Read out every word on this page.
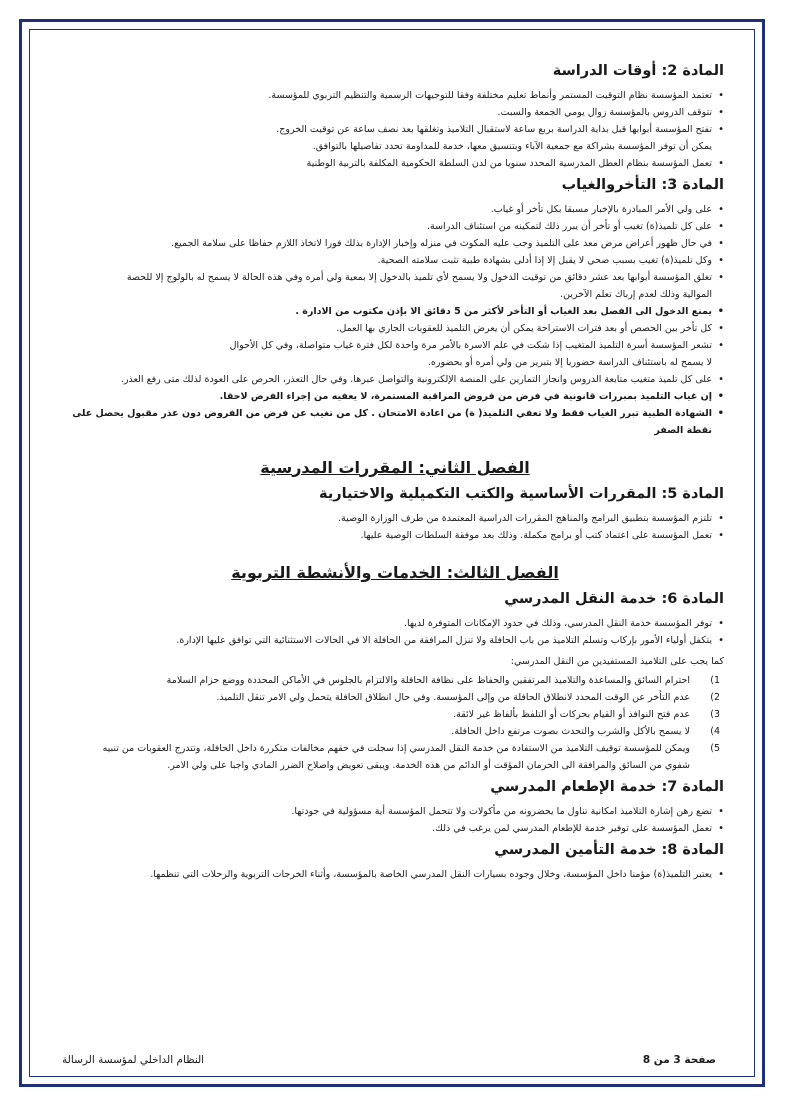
المادة 2: أوقات الدراسة
• تعتمد المؤسسة نظام التوقيت المستمر وأنماط تعليم مختلفة وفقا للتوجيهات الرسمية والتنظيم التربوي للمؤسسة.
• تتوقف الدروس بالمؤسسة زوال يومي الجمعة والسبت.
• تفتح المؤسسة أبوابها قبل بداية الدراسة بربع ساعة لاستقبال التلاميذ وتغلقها بعد نصف ساعة عن توقيت الخروج.
يمكن أن توفر المؤسسة بشراكة مع جمعية الآباء وبتنسيق معها، خدمة للمداومة تحدد تفاصيلها بالتوافق.
• تعمل المؤسسة بنظام العطل المدرسية المحدد سنويا من لدن السلطة الحكومية المكلفة بالتربية الوطنية
المادة 3: التأخروالغياب
• على ولي الأمر المبادرة بالإخبار مسبقا بكل تأخر أو غياب.
• على كل تلميذ(ة) تغيب أو تأخر أن يبرر ذلك لتمكينه من استئناف الدراسة.
• في حال ظهور أعراض مرض معد على التلميذ وجب عليه المكوث في منزله وإخبار الإدارة بذلك فورا لاتخاذ اللازم حفاظا على سلامة الجميع.
• وكل تلميذ(ة) تغيب بسبب صحي لا يقبل إلا إذا أدلى بشهادة طبية تثبت سلامته الصحية.
• تغلق المؤسسة أبوابها بعد عشر دقائق من توقيت الدخول ولا يسمح لأي تلميذ بالدخول إلا بمعية ولي أمره وفي هذه الحالة لا يسمح له بالولوج إلا للحصة
الموالية وذلك لعدم إرباك تعلم الآخرين.
• يمنع الدخول الى الفصل بعد الغياب أو التأخر لأكثر من 5 دقائق الا بإذن مكتوب من الادارة .
• كل تأخر بين الحصص أو بعد فترات الاستراحة يمكن أن يعرض التلميذ للعقوبات الجاري بها العمل.
• تشعر المؤسسة أسرة التلميذ المتغيب إذا شكت في علم الاسرة بالأمر مرة واحدة لكل فترة غياب متواصلة، وفي كل الأحوال
لا يسمح له باستئناف الدراسة حضوريا إلا بتبرير من ولي أمره أو بحضوره.
• على كل تلميذ متغيب متابعة الدروس وانجاز التمارين على المنصة الإلكترونية والتواصل عبرها. وفي حال التعذر، الحرص على العودة لذلك متى رفع العذر.
• إن غياب التلميذ بمبررات قانونية في فرض من فروض المراقبة المستمرة، لا يعفيه من إجراء الفرض لاحقا.
• الشهادة الطبية تبرر الغياب فقط ولا تعفي التلميذ( ة) من اعادة الامتحان . كل من تغيب عن فرض من الفروض دون عذر مقبول يحصل على نقطة الصفر
الفصل الثاني: المقررات المدرسية
المادة 5: المقررات الأساسية والكتب التكميلية والاختيارية
• تلتزم المؤسسة بتطبيق البرامج والمناهج المقررات الدراسية المعتمدة من طرف الوزارة الوصية.
• تعمل المؤسسة على اعتماد كتب أو برامج مكملة. وذلك بعد موفقة السلطات الوصية عليها.
الفصل الثالث: الخدمات والأنشطة التربوية
المادة 6: خدمة النقل المدرسي
• توفر المؤسسة خدمة النقل المدرسي، وذلك في حدود الإمكانات المتوفرة لديها.
• يتكفل أولياء الأمور بإركاب وتسلم التلاميذ من باب الحافلة ولا تنزل المرافقة من الحافلة الا في الحالات الاستثنائية التي توافق عليها الإدارة.
كما يجب على التلاميذ المستفيدين من النقل المدرسي:
1)
احترام السائق والمساعدة والتلاميذ المرتفقين والحفاظ على نظافة الحافلة والالتزام بالجلوس في الأماكن المحددة ووضع حزام السلامة
2)
عدم التأخر عن الوقت المحدد لانطلاق الحافلة من وإلى المؤسسة. وفي حال انطلاق الحافلة يتحمل ولي الامر تنقل التلميذ.
3)
عدم فتح النوافذ أو القيام بحركات أو التلفظ بألفاظ غير لائقة.
4)
لا يسمح بالأكل والشرب والتحدث بصوت مرتفع داخل الحافلة.
5)
ويمكن للمؤسسة توقيف التلاميذ من الاستفادة من خدمة النقل المدرسي إذا سجلت في حقهم مخالفات متكررة داخل الحافلة، وتتدرج العقوبات من تنبيه
شفوي من السائق والمرافقة الى الحرمان المؤقت أو الدائم من هذه الخدمة. ويبقى تعويض واصلاح الضرر المادي واجبا على ولي الامر.
المادة 7: خدمة الإطعام المدرسي
• تضع رهن إشارة التلاميذ امكانية تناول ما يحضرونه من مأكولات ولا تتحمل المؤسسة أية مسؤولية في جودتها.
• تعمل المؤسسة على توفير خدمة للإطعام المدرسي لمن يرغب في ذلك.
المادة 8: خدمة التأمين المدرسي
• يعتبر التلميذ(ة) مؤمنا داخل المؤسسة، وخلال وجوده بسيارات النقل المدرسي الخاصة بالمؤسسة، وأثناء الخرجات التربوية والرحلات التي تنظمها.
صفحة 3 من 8
النظام الداخلي لمؤسسة الرسالة
